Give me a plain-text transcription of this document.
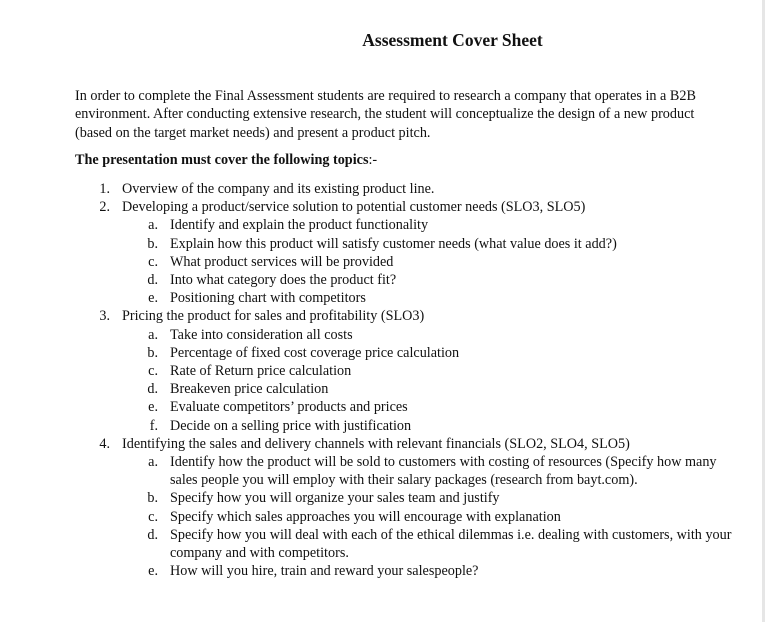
Assessment Cover Sheet

In order to complete the Final Assessment students are required to research a company that operates in a B2B environment. After conducting extensive research, the student will conceptualize the design of a new product (based on the target market needs) and present a product pitch.

The presentation must cover the following topics:-

1. Overview of the company and its existing product line.
2. Developing a product/service solution to potential customer needs (SLO3, SLO5)
a. Identify and explain the product functionality
b. Explain how this product will satisfy customer needs (what value does it add?)
c. What product services will be provided
d. Into what category does the product fit?
e. Positioning chart with competitors
3. Pricing the product for sales and profitability (SLO3)
a. Take into consideration all costs
b. Percentage of fixed cost coverage price calculation
c. Rate of Return price calculation
d. Breakeven price calculation
e. Evaluate competitors’ products and prices
f. Decide on a selling price with justification
4. Identifying the sales and delivery channels with relevant financials (SLO2, SLO4, SLO5)
a. Identify how the product will be sold to customers with costing of resources (Specify how many sales people you will employ with their salary packages (research from bayt.com).
b. Specify how you will organize your sales team and justify
c. Specify which sales approaches you will encourage with explanation
d. Specify how you will deal with each of the ethical dilemmas i.e. dealing with customers, with your company and with competitors.
e. How will you hire, train and reward your salespeople?
